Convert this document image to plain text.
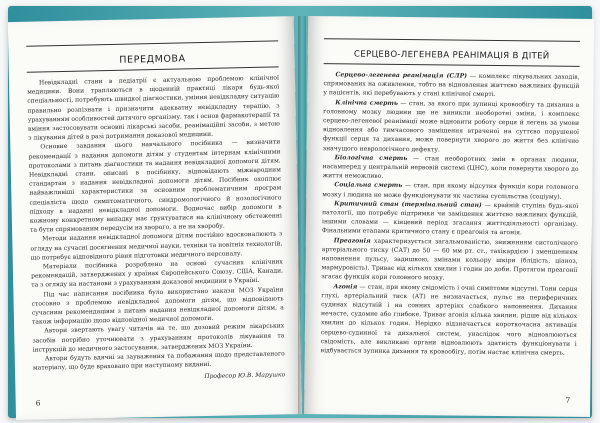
ПЕРЕДМОВА

Невідкладні стани в педіатрії є актуальною проблемою клінічної медицини. Вони трапляються в щоденній практиці лікаря будь-якої спеціальності, потребують швидкої діагностики, уміння невідкладну ситуацію правильно розпізнати і призначити адекватну невідкладну терапію, з урахуванням особливостей дитячого організму, так і основ фармакотерапії та вміння застосовувати основні лікарські засоби, реанімаційні засоби, з метою з лікування дітей в разі дотримання доказової медицини.

Основне завдання цього навчального посібника — визначити рекомендації з надання допомоги дітям у студентам інтернам клінічними протоколами з питань діагностики та надання невідкладної допомоги дітям. Невідкладні стани, описані в посібнику, відповідають міжнародним стандартам з надання невідкладної допомоги дітям. Посібник охоплює найважливіші характеристики за основним проблематичним програм спеціаліста щодо симптоматичного, синдромологічного й нозологічного підходу в наданні невідкладної допомоги. Водночас вибір допомоги в кожному конкретному випадку має ґрунтуватися на клінічному обстеженні та бути спрямованим передусім на хворого, а не на хворобу.

Методи надання невідкладної допомоги дітям постійно вдосконалюють з огляду на сучасні досягнення медичної науки, техніки та новітніх технологій, що потребує відповідного рівня підготовки медичного персоналу.

Матеріали посібника розроблено на основі сучасних клінічних рекомендацій, затверджених у країнах Європейського Союзу, США, Канади, та з огляду на настанови з урахуванням доказової медицини в Україні.

Під час написання посібника було використано накази МОЗ України стосовно з проблемою невідкладної допомоги дітям, що відповідають сучасним рекомендаціям з питань надання невідкладної допомоги дітям, а також інформацію щодо відповідної медичної допомоги.

Автори звертають увагу читачів на те, що дозовий режим лікарських засобів потрібно уточнювати з урахуванням протоколів лікування та інструкцій до медичного застосування, затверджених МОЗ України.

Автори будуть вдячні за зауваження та побажання щодо представленого матеріалу, що буде враховано при наступному виданні.

Професор Ю.В. Марушко
6
СЕРЦЕВО-ЛЕГЕНЕВА РЕАНІМАЦІЯ В ДІТЕЙ

Серцево-легенева реанімація (СЛР) — комплекс лікувальних заходів, спрямованих на оживлення, тобто на відновлення життєво важливих функцій у пацієнтів, які перебувають у стані клінічної смерті.

Клінічна смерть — стан, за якого при зупинці кровообігу та дихання в головному мозку людини ще не виникли необоротні зміни, і комплекс серцево-легеневої реанімації може відновити роботу серця й легень за умови відновлення або тимчасового заміщення втраченої на суттєво порушеної функції серця та дихання, може повернути хворого до життя без клінічно значущого неврологічного дефекту.

Біологічна смерть — стан необоротних змін в органах людини, насамперед у центральній нервовій системі (ЦНС), коли повернути хворого до життя неможливо.

Соціальна смерть — стан, при якому відсутня функція кори головного мозку і людина не може функціонувати як частина суспільства (соціуму).

Критичний стан (термінальний стан) — крайній ступінь будь-якої патології, що потребує підтримки чи заміщення життєво важливих функцій, іншими словами — кінцевий період згасання життєдіяльності організму. Фінальними етапами критичного стану є преагонія та агонія.

Преагонія характеризується загальмованістю, зниженням систолічного артеріального тиску (САТ) до 50 — 60 мм рт. ст., тахікардією і зменшенням наповнення пульсу, задишкою, змінами кольору шкіри (блідість, ціаноз, мармуровість). Триває від кількох хвилин і годин до доби. Протягом преагонії згасає функція кори головного мозку.

Агонія — стан, при якому свідомість і очні симптоми відсутні. Тони серця глухі, артеріальний тиск (АТ) не визначається, пульс на периферичних судинах відсутній і на сонних артеріях слабкого наповнення. Дихання нечасте, судомне або глибоке. Триває агонія кілька хвилин, рідше від кількох хвилин до кількох годин. Нерідко відзначається короткочасна активація серцево-судинної та дихальної систем, унаслідок чого відновлюються свідомість, але викликані органи відновлюють здатність функціонувати і відбувається зупинка дихання та кровообігу, потім настає клінічна смерть.

7
